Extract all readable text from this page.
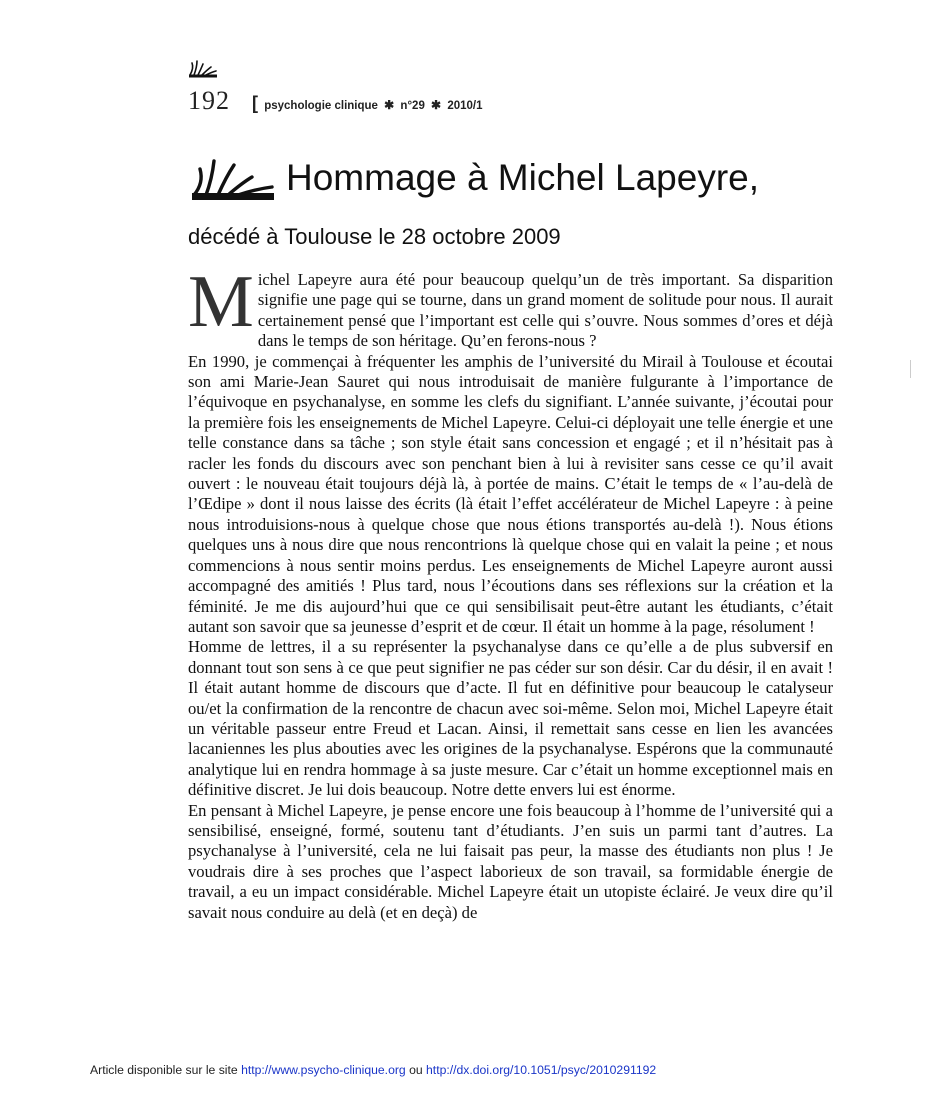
192 [ psychologie clinique ✱ n°29 ✱ 2010/1
Hommage à Michel Lapeyre,
décédé à Toulouse le 28 octobre 2009

Michel Lapeyre aura été pour beaucoup quelqu’un de très important. Sa disparition signifie une page qui se tourne, dans un grand moment de solitude pour nous. Il aurait certainement pensé que l’important est celle qui s’ouvre. Nous sommes d’ores et déjà dans le temps de son héritage. Qu’en ferons-nous ?

En 1990, je commençai à fréquenter les amphis de l’université du Mirail à Toulouse et écoutai son ami Marie-Jean Sauret qui nous introduisait de manière fulgurante à l’importance de l’équivoque en psychanalyse, en somme les clefs du signifiant. L’année suivante, j’écoutai pour la première fois les enseignements de Michel Lapeyre. Celui-ci déployait une telle énergie et une telle constance dans sa tâche ; son style était sans concession et engagé ; et il n’hésitait pas à racler les fonds du discours avec son penchant bien à lui à revisiter sans cesse ce qu’il avait ouvert : le nouveau était toujours déjà là, à portée de mains. C’était le temps de « l’au-delà de l’Œdipe » dont il nous laisse des écrits (là était l’effet accélérateur de Michel Lapeyre : à peine nous introduisions-nous à quelque chose que nous étions transportés au-delà !). Nous étions quelques uns à nous dire que nous rencontrions là quelque chose qui en valait la peine ; et nous commencions à nous sentir moins perdus. Les enseignements de Michel Lapeyre auront aussi accompagné des amitiés ! Plus tard, nous l’écoutions dans ses réflexions sur la création et la féminité. Je me dis aujourd’hui que ce qui sensibilisait peut-être autant les étudiants, c’était autant son savoir que sa jeunesse d’esprit et de cœur. Il était un homme à la page, résolument !

Homme de lettres, il a su représenter la psychanalyse dans ce qu’elle a de plus subversif en donnant tout son sens à ce que peut signifier ne pas céder sur son désir. Car du désir, il en avait ! Il était autant homme de discours que d’acte. Il fut en définitive pour beaucoup le catalyseur ou/et la confirmation de la rencontre de chacun avec soi-même. Selon moi, Michel Lapeyre était un véritable passeur entre Freud et Lacan. Ainsi, il remettait sans cesse en lien les avancées lacaniennes les plus abouties avec les origines de la psychanalyse. Espérons que la communauté analytique lui en rendra hommage à sa juste mesure. Car c’était un homme exceptionnel mais en définitive discret. Je lui dois beaucoup. Notre dette envers lui est énorme.

En pensant à Michel Lapeyre, je pense encore une fois beaucoup à l’homme de l’université qui a sensibilisé, enseigné, formé, soutenu tant d’étudiants. J’en suis un parmi tant d’autres. La psychanalyse à l’université, cela ne lui faisait pas peur, la masse des étudiants non plus ! Je voudrais dire à ses proches que l’aspect laborieux de son travail, sa formidable énergie de travail, a eu un impact considérable. Michel Lapeyre était un utopiste éclairé. Je veux dire qu’il savait nous conduire au delà (et en deçà) de

Article disponible sur le site http://www.psycho-clinique.org ou http://dx.doi.org/10.1051/psyc/2010291192
